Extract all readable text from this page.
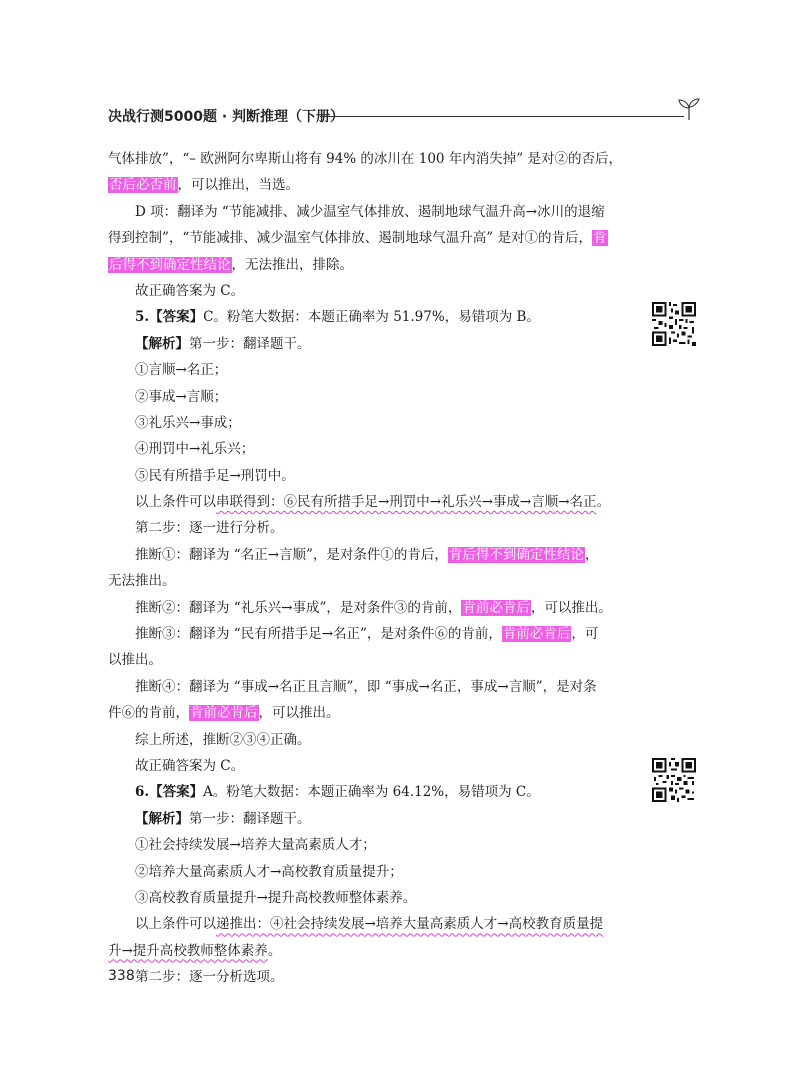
决战行测5000题 · 判断推理（下册）
气体排放”，“– 欧洲阿尔卑斯山将有 94% 的冰川在 100 年内消失掉” 是对②的否后，
否后必否前，可以推出，当选。
D 项：翻译为 “节能减排、减少温室气体排放、遏制地球气温升高→冰川的退缩
得到控制”，“节能减排、减少温室气体排放、遏制地球气温升高” 是对①的肯后，肯
后得不到确定性结论，无法推出，排除。
故正确答案为 C。
5.【答案】C。粉笔大数据：本题正确率为 51.97%，易错项为 B。
【解析】第一步：翻译题干。
①言顺→名正；
②事成→言顺；
③礼乐兴→事成；
④刑罚中→礼乐兴；
⑤民有所措手足→刑罚中。
以上条件可以串联得到：⑥民有所措手足→刑罚中→礼乐兴→事成→言顺→名正。
第二步：逐一进行分析。
推断①：翻译为 “名正→言顺”，是对条件①的肯后，肯后得不到确定性结论，
无法推出。
推断②：翻译为 “礼乐兴→事成”，是对条件③的肯前，肯前必肯后，可以推出。
推断③：翻译为 “民有所措手足→名正”，是对条件⑥的肯前，肯前必肯后，可
以推出。
推断④：翻译为 “事成→名正且言顺”，即 “事成→名正，事成→言顺”，是对条
件⑥的肯前，肯前必肯后，可以推出。
综上所述，推断②③④正确。
故正确答案为 C。
6.【答案】A。粉笔大数据：本题正确率为 64.12%，易错项为 C。
【解析】第一步：翻译题干。
①社会持续发展→培养大量高素质人才；
②培养大量高素质人才→高校教育质量提升；
③高校教育质量提升→提升高校教师整体素养。
以上条件可以递推出：④社会持续发展→培养大量高素质人才→高校教育质量提
升→提升高校教师整体素养。
第二步：逐一分析选项。
338
